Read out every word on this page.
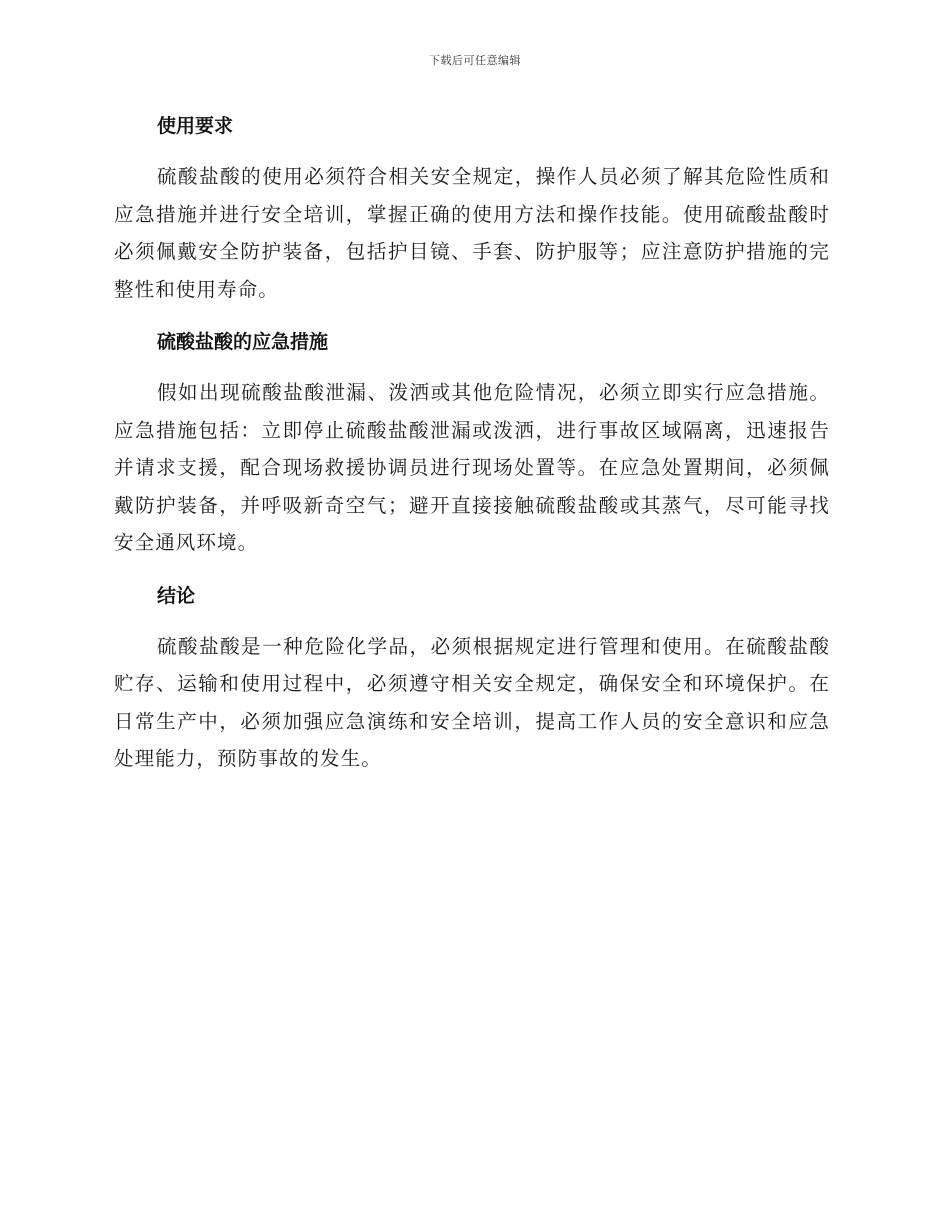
下载后可任意编辑
使用要求

硫酸盐酸的使用必须符合相关安全规定，操作人员必须了解其危险性质和应急措施并进行安全培训，掌握正确的使用方法和操作技能。使用硫酸盐酸时必须佩戴安全防护装备，包括护目镜、手套、防护服等；应注意防护措施的完整性和使用寿命。

硫酸盐酸的应急措施

假如出现硫酸盐酸泄漏、泼洒或其他危险情况，必须立即实行应急措施。应急措施包括：立即停止硫酸盐酸泄漏或泼洒，进行事故区域隔离，迅速报告并请求支援，配合现场救援协调员进行现场处置等。在应急处置期间，必须佩戴防护装备，并呼吸新奇空气；避开直接接触硫酸盐酸或其蒸气，尽可能寻找安全通风环境。

结论

硫酸盐酸是一种危险化学品，必须根据规定进行管理和使用。在硫酸盐酸贮存、运输和使用过程中，必须遵守相关安全规定，确保安全和环境保护。在日常生产中，必须加强应急演练和安全培训，提高工作人员的安全意识和应急处理能力，预防事故的发生。
